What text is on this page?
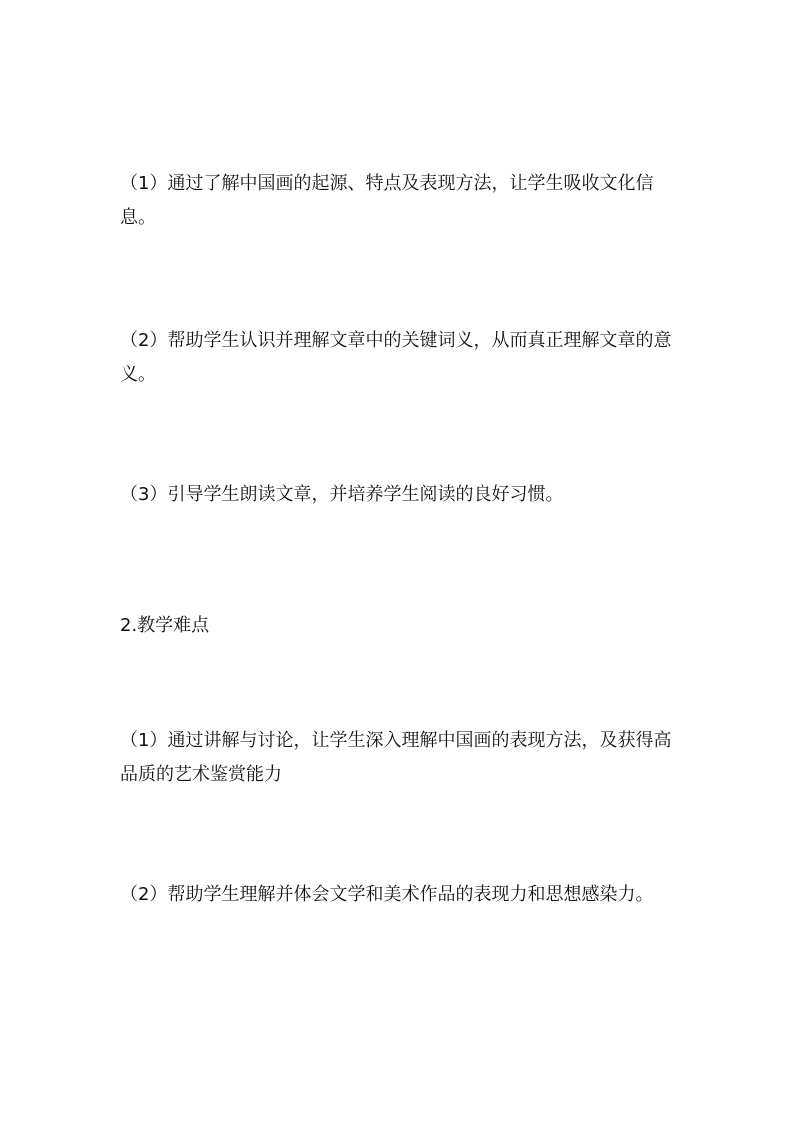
（1）通过了解中国画的起源、特点及表现方法，让学生吸收文化信息。

（2）帮助学生认识并理解文章中的关键词义，从而真正理解文章的意义。

（3）引导学生朗读文章，并培养学生阅读的良好习惯。

2.教学难点

（1）通过讲解与讨论，让学生深入理解中国画的表现方法，及获得高品质的艺术鉴赏能力

（2）帮助学生理解并体会文学和美术作品的表现力和思想感染力。
